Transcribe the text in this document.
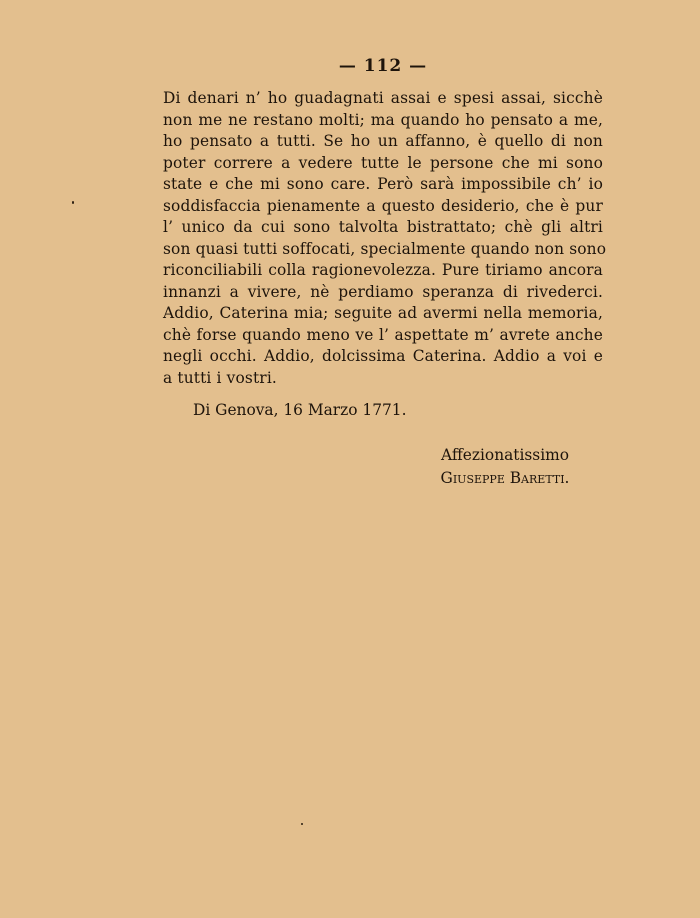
— 112 —
Di denari n’ ho guadagnati assai e spesi assai, sicchè
non me ne restano molti; ma quando ho pensato a me,
ho pensato a tutti. Se ho un affanno, è quello di non
poter correre a vedere tutte le persone che mi sono
state e che mi sono care. Però sarà impossibile ch’ io
soddisfaccia pienamente a questo desiderio, che è pur
l’ unico da cui sono talvolta bistrattato; chè gli altri
son quasi tutti soffocati, specialmente quando non sono
riconciliabili colla ragionevolezza. Pure tiriamo ancora
innanzi a vivere, nè perdiamo speranza di rivederci.
Addio, Caterina mia; seguite ad avermi nella memoria,
chè forse quando meno ve l’ aspettate m’ avrete anche
negli occhi. Addio, dolcissima Caterina. Addio a voi e
a tutti i vostri.
Di Genova, 16 Marzo 1771.
Affezionatissimo
Giuseppe Baretti.
